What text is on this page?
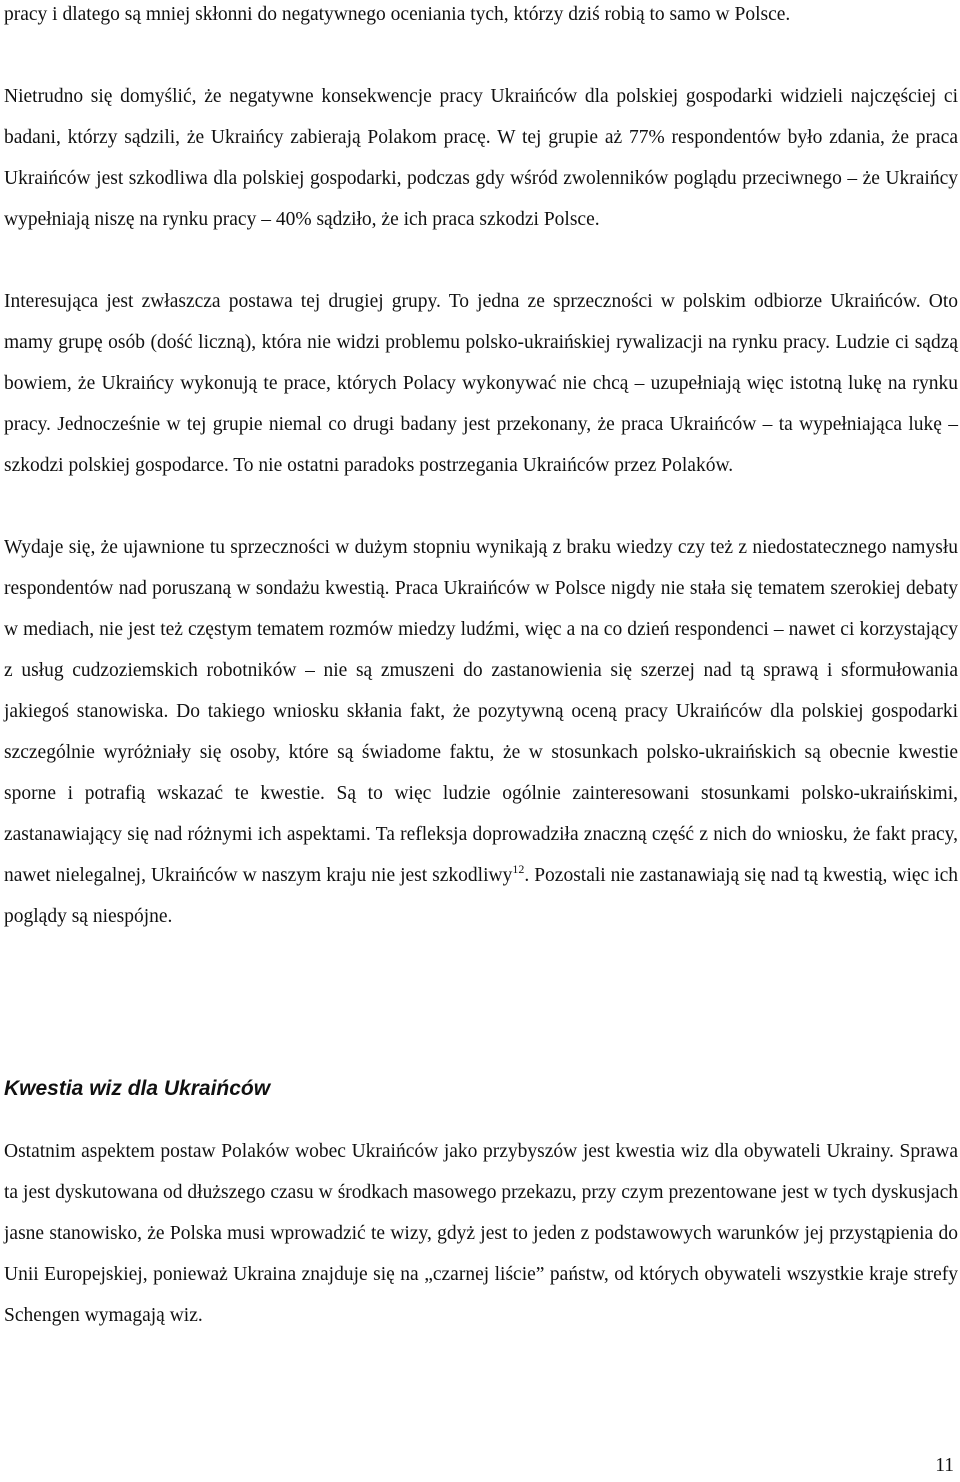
pracy i dlatego są mniej skłonni do negatywnego oceniania tych, którzy dziś robią to samo w Polsce.

Nietrudno się domyślić, że negatywne konsekwencje pracy Ukraińców dla polskiej gospodarki widzieli najczęściej ci badani, którzy sądzili, że Ukraińcy zabierają Polakom pracę. W tej grupie aż 77% respondentów było zdania, że praca Ukraińców jest szkodliwa dla polskiej gospodarki, podczas gdy wśród zwolenników poglądu przeciwnego – że Ukraińcy wypełniają niszę na rynku pracy – 40% sądziło, że ich praca szkodzi Polsce.

Interesująca jest zwłaszcza postawa tej drugiej grupy. To jedna ze sprzeczności w polskim odbiorze Ukraińców. Oto mamy grupę osób (dość liczną), która nie widzi problemu polsko-ukraińskiej rywalizacji na rynku pracy. Ludzie ci sądzą bowiem, że Ukraińcy wykonują te prace, których Polacy wykonywać nie chcą – uzupełniają więc istotną lukę na rynku pracy. Jednocześnie w tej grupie niemal co drugi badany jest przekonany, że praca Ukraińców – ta wypełniająca lukę – szkodzi polskiej gospodarce. To nie ostatni paradoks postrzegania Ukraińców przez Polaków.

Wydaje się, że ujawnione tu sprzeczności w dużym stopniu wynikają z braku wiedzy czy też z niedostatecznego namysłu respondentów nad poruszaną w sondażu kwestią. Praca Ukraińców w Polsce nigdy nie stała się tematem szerokiej debaty w mediach, nie jest też częstym tematem rozmów miedzy ludźmi, więc a na co dzień respondenci – nawet ci korzystający z usług cudzoziemskich robotników – nie są zmuszeni do zastanowienia się szerzej nad tą sprawą i sformułowania jakiegoś stanowiska. Do takiego wniosku skłania fakt, że pozytywną oceną pracy Ukraińców dla polskiej gospodarki szczególnie wyróżniały się osoby, które są świadome faktu, że w stosunkach polsko-ukraińskich są obecnie kwestie sporne i potrafią wskazać te kwestie. Są to więc ludzie ogólnie zainteresowani stosunkami polsko-ukraińskimi, zastanawiający się nad różnymi ich aspektami. Ta refleksja doprowadziła znaczną część z nich do wniosku, że fakt pracy, nawet nielegalnej, Ukraińców w naszym kraju nie jest szkodliwy$^{12}$. Pozostali nie zastanawiają się nad tą kwestią, więc ich poglądy są niespójne.

Kwestia wiz dla Ukraińców

Ostatnim aspektem postaw Polaków wobec Ukraińców jako przybyszów jest kwestia wiz dla obywateli Ukrainy. Sprawa ta jest dyskutowana od dłuższego czasu w środkach masowego przekazu, przy czym prezentowane jest w tych dyskusjach jasne stanowisko, że Polska musi wprowadzić te wizy, gdyż jest to jeden z podstawowych warunków jej przystąpienia do Unii Europejskiej, ponieważ Ukraina znajduje się na „czarnej liście” państw, od których obywateli wszystkie kraje strefy Schengen wymagają wiz.

11
